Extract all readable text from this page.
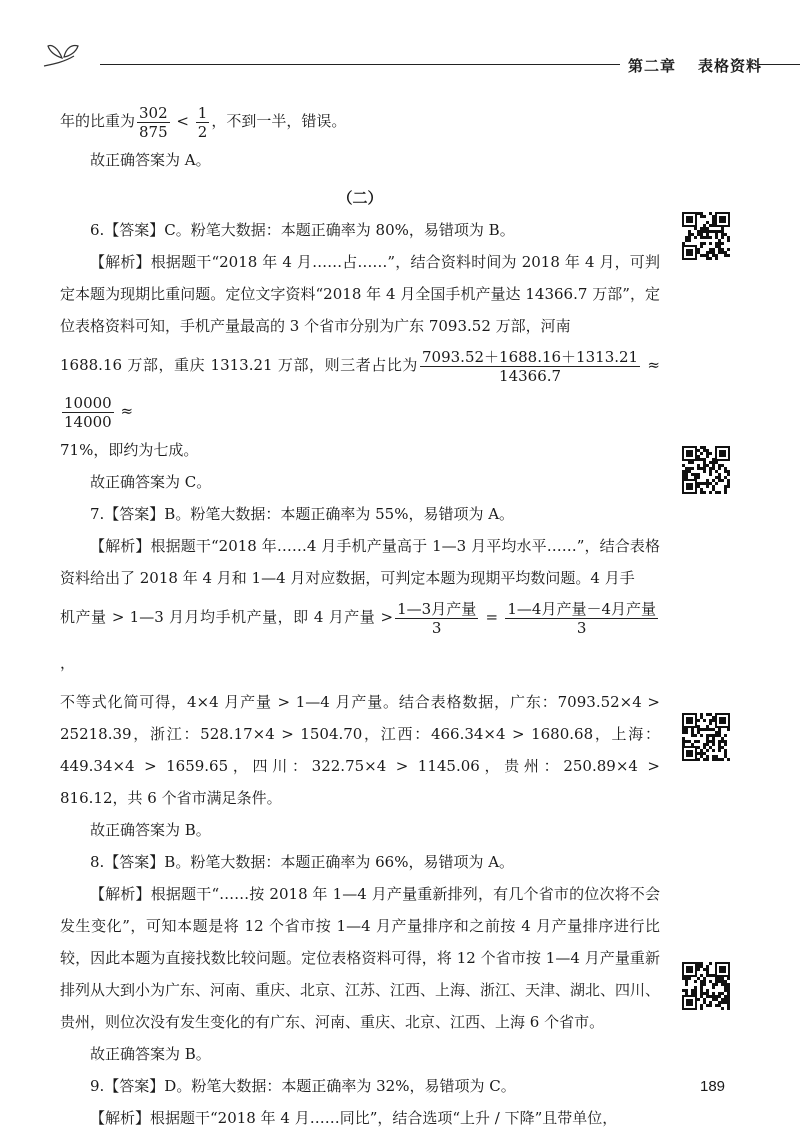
第二章 表格资料

年的比重为 $\frac{302}{875} < \frac{1}{2}$ ，不到一半，错误。

故正确答案为 A。

（二）

6.【答案】C。粉笔大数据：本题正确率为 80%，易错项为 B。

【解析】根据题干“2018 年 4 月……占……”，结合资料时间为 2018 年 4 月，可判定本题为现期比重问题。定位文字资料“2018 年 4 月全国手机产量达 14366.7 万部”，定位表格资料可知，手机产量最高的 3 个省市分别为广东 7093.52 万部，河南

1688.16 万部，重庆 1313.21 万部，则三者占比为 $\frac{7093.52+1688.16+1313.21}{14366.7}$ ≈
$\frac{10000}{14000}$ ≈

71%，即约为七成。

故正确答案为 C。

7.【答案】B。粉笔大数据：本题正确率为 55%，易错项为 A。

【解析】根据题干“2018 年……4 月手机产量高于 1—3 月平均水平……”，结合表格资料给出了 2018 年 4 月和 1—4 月对应数据，可判定本题为现期平均数问题。4 月手

机产量 > 1—3 月月均手机产量，即 4 月产量 > $\frac{\text{1—3月产量}}{3} = \frac{\text{1—4月产量－4月产量}}{3}$
，

不等式化简可得，4×4 月产量 > 1—4 月产量。结合表格数据，广东：7093.52×4 > 25218.39，浙江：528.17×4 > 1504.70，江西：466.34×4 > 1680.68，上海：449.34×4 > 1659.65，四川：322.75×4 > 1145.06，贵州：250.89×4 > 816.12，共 6 个省市满足条件。

故正确答案为 B。

8.【答案】B。粉笔大数据：本题正确率为 66%，易错项为 A。

【解析】根据题干“……按 2018 年 1—4 月产量重新排列，有几个省市的位次将不会发生变化”，可知本题是将 12 个省市按 1—4 月产量排序和之前按 4 月产量排序进行比较，因此本题为直接找数比较问题。定位表格资料可得，将 12 个省市按 1—4 月产量重新排列从大到小为广东、河南、重庆、北京、江苏、江西、上海、浙江、天津、湖北、四川、贵州，则位次没有发生变化的有广东、河南、重庆、北京、江西、上海 6 个省市。

故正确答案为 B。

9.【答案】D。粉笔大数据：本题正确率为 32%，易错项为 C。

【解析】根据题干“2018 年 4 月……同比”，结合选项“上升 / 下降”且带单位，

189
